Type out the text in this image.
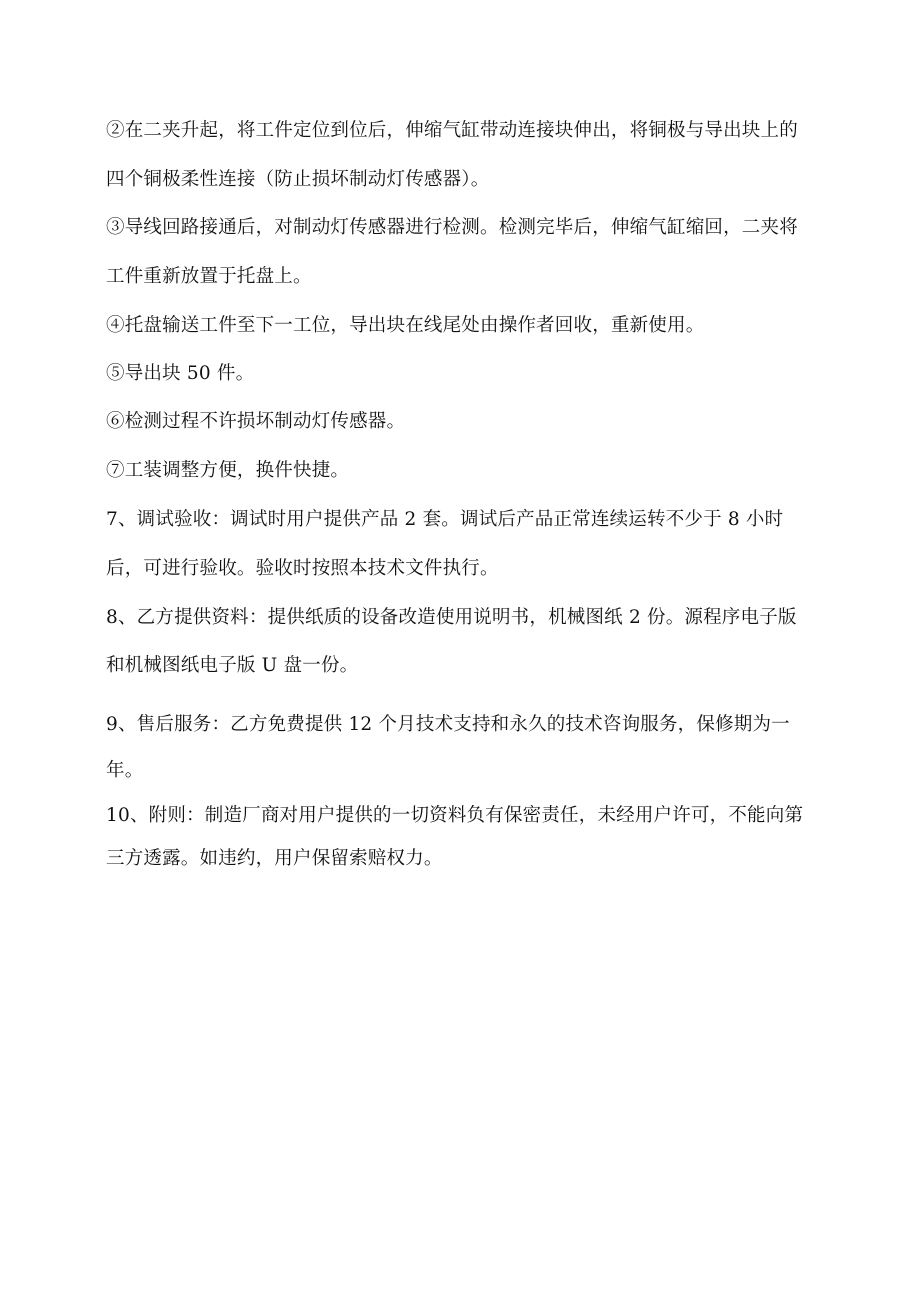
②在二夹升起，将工件定位到位后，伸缩气缸带动连接块伸出，将铜极与导出块上的
四个铜极柔性连接（防止损坏制动灯传感器）。
③导线回路接通后，对制动灯传感器进行检测。检测完毕后，伸缩气缸缩回，二夹将
工件重新放置于托盘上。
④托盘输送工件至下一工位，导出块在线尾处由操作者回收，重新使用。
⑤导出块 50 件。
⑥检测过程不许损坏制动灯传感器。
⑦工装调整方便，换件快捷。
7、调试验收：调试时用户提供产品 2 套。调试后产品正常连续运转不少于 8 小时
后，可进行验收。验收时按照本技术文件执行。
8、乙方提供资料：提供纸质的设备改造使用说明书，机械图纸 2 份。源程序电子版
和机械图纸电子版 U 盘一份。
9、售后服务：乙方免费提供 12 个月技术支持和永久的技术咨询服务，保修期为一
年。
10、附则：制造厂商对用户提供的一切资料负有保密责任，未经用户许可，不能向第
三方透露。如违约，用户保留索赔权力。
